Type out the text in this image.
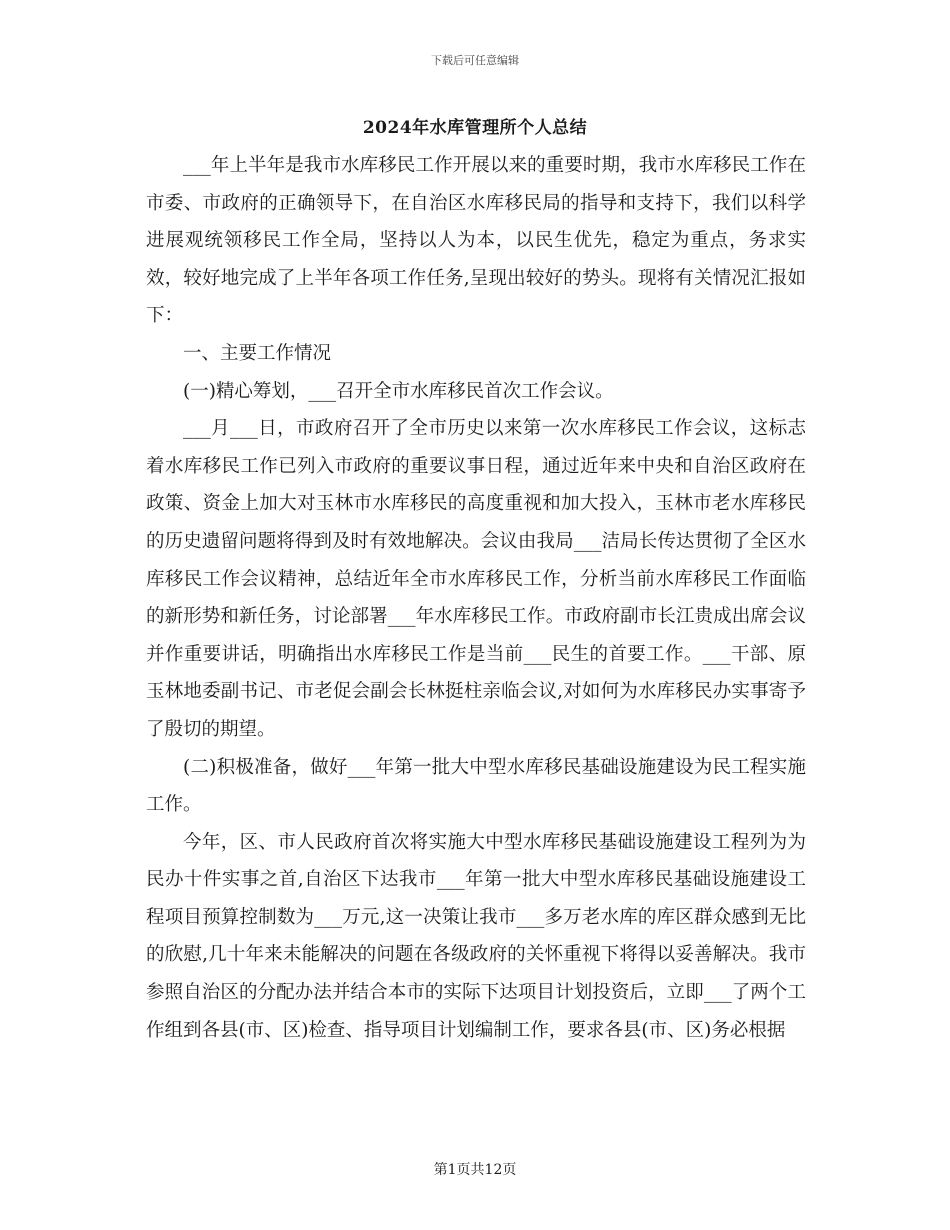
下载后可任意编辑
2024年水库管理所个人总结

___年上半年是我市水库移民工作开展以来的重要时期，我市水库移民工作在市委、市政府的正确领导下，在自治区水库移民局的指导和支持下，我们以科学进展观统领移民工作全局，坚持以人为本，以民生优先，稳定为重点，务求实效，较好地完成了上半年各项工作任务,呈现出较好的势头。现将有关情况汇报如下：

一、主要工作情况

(一)精心筹划，___召开全市水库移民首次工作会议。

___月___日，市政府召开了全市历史以来第一次水库移民工作会议，这标志着水库移民工作已列入市政府的重要议事日程，通过近年来中央和自治区政府在政策、资金上加大对玉林市水库移民的高度重视和加大投入，玉林市老水库移民的历史遗留问题将得到及时有效地解决。会议由我局___洁局长传达贯彻了全区水库移民工作会议精神，总结近年全市水库移民工作，分析当前水库移民工作面临的新形势和新任务，讨论部署___年水库移民工作。市政府副市长江贵成出席会议并作重要讲话，明确指出水库移民工作是当前___民生的首要工作。___干部、原玉林地委副书记、市老促会副会长林挺柱亲临会议,对如何为水库移民办实事寄予了殷切的期望。

(二)积极准备，做好___年第一批大中型水库移民基础设施建设为民工程实施工作。

今年，区、市人民政府首次将实施大中型水库移民基础设施建设工程列为为民办十件实事之首,自治区下达我市___年第一批大中型水库移民基础设施建设工程项目预算控制数为___万元,这一决策让我市___多万老水库的库区群众感到无比的欣慰,几十年来未能解决的问题在各级政府的关怀重视下将得以妥善解决。我市参照自治区的分配办法并结合本市的实际下达项目计划投资后，立即___了两个工作组到各县(市、区)检查、指导项目计划编制工作，要求各县(市、区)务必根据

第1页共12页
